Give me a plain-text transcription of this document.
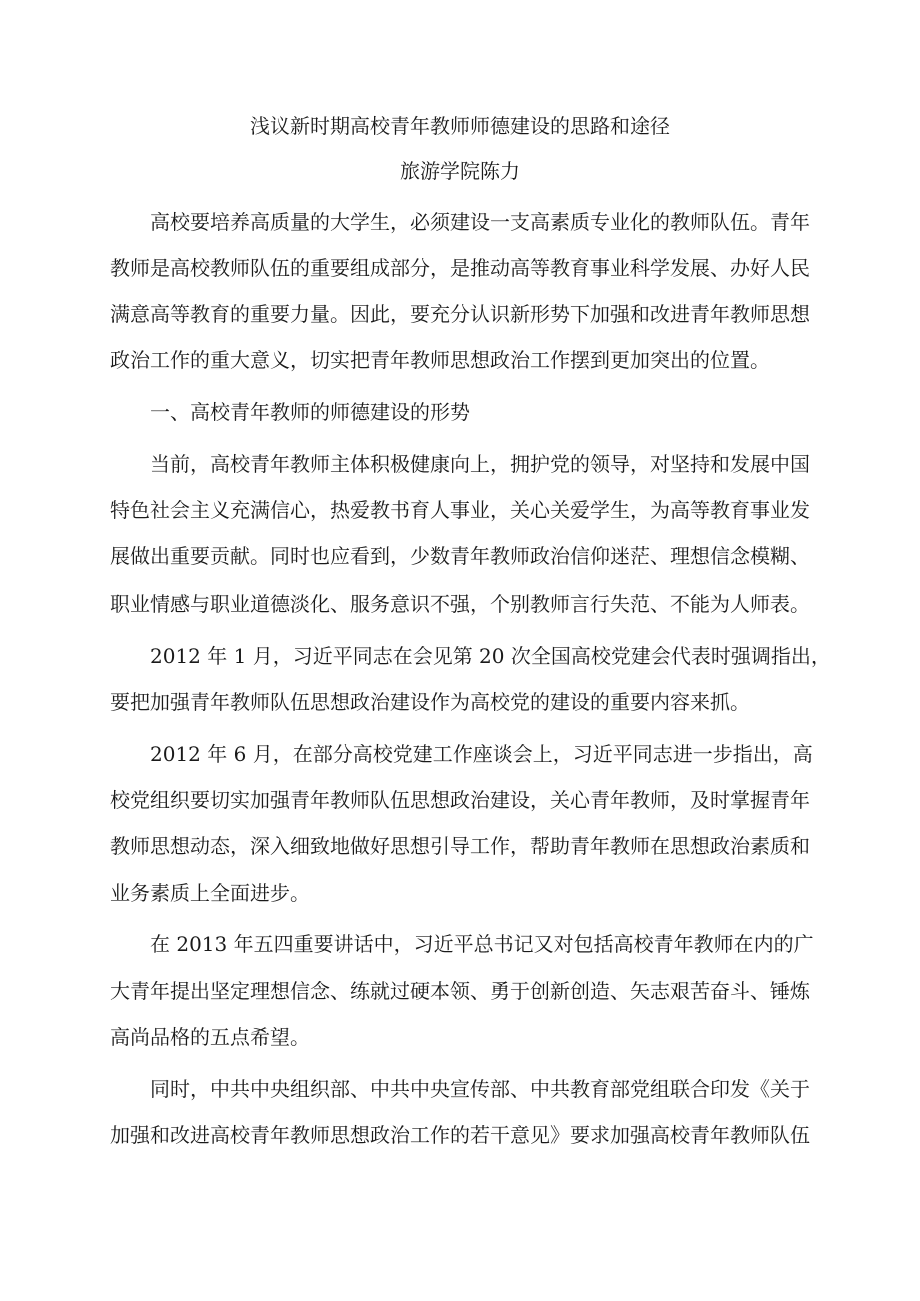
浅议新时期高校青年教师师德建设的思路和途径
旅游学院陈力
高校要培养高质量的大学生，必须建设一支高素质专业化的教师队伍。青年
教师是高校教师队伍的重要组成部分，是推动高等教育事业科学发展、办好人民
满意高等教育的重要力量。因此，要充分认识新形势下加强和改进青年教师思想
政治工作的重大意义，切实把青年教师思想政治工作摆到更加突出的位置。
一、高校青年教师的师德建设的形势
当前，高校青年教师主体积极健康向上，拥护党的领导，对坚持和发展中国
特色社会主义充满信心，热爱教书育人事业，关心关爱学生，为高等教育事业发
展做出重要贡献。同时也应看到，少数青年教师政治信仰迷茫、理想信念模糊、
职业情感与职业道德淡化、服务意识不强，个别教师言行失范、不能为人师表。
2012 年 1 月，习近平同志在会见第 20 次全国高校党建会代表时强调指出，
要把加强青年教师队伍思想政治建设作为高校党的建设的重要内容来抓。
2012 年 6 月，在部分高校党建工作座谈会上，习近平同志进一步指出，高
校党组织要切实加强青年教师队伍思想政治建设，关心青年教师，及时掌握青年
教师思想动态，深入细致地做好思想引导工作，帮助青年教师在思想政治素质和
业务素质上全面进步。
在 2013 年五四重要讲话中，习近平总书记又对包括高校青年教师在内的广
大青年提出坚定理想信念、练就过硬本领、勇于创新创造、矢志艰苦奋斗、锤炼
高尚品格的五点希望。
同时，中共中央组织部、中共中央宣传部、中共教育部党组联合印发《关于
加强和改进高校青年教师思想政治工作的若干意见》要求加强高校青年教师队伍
